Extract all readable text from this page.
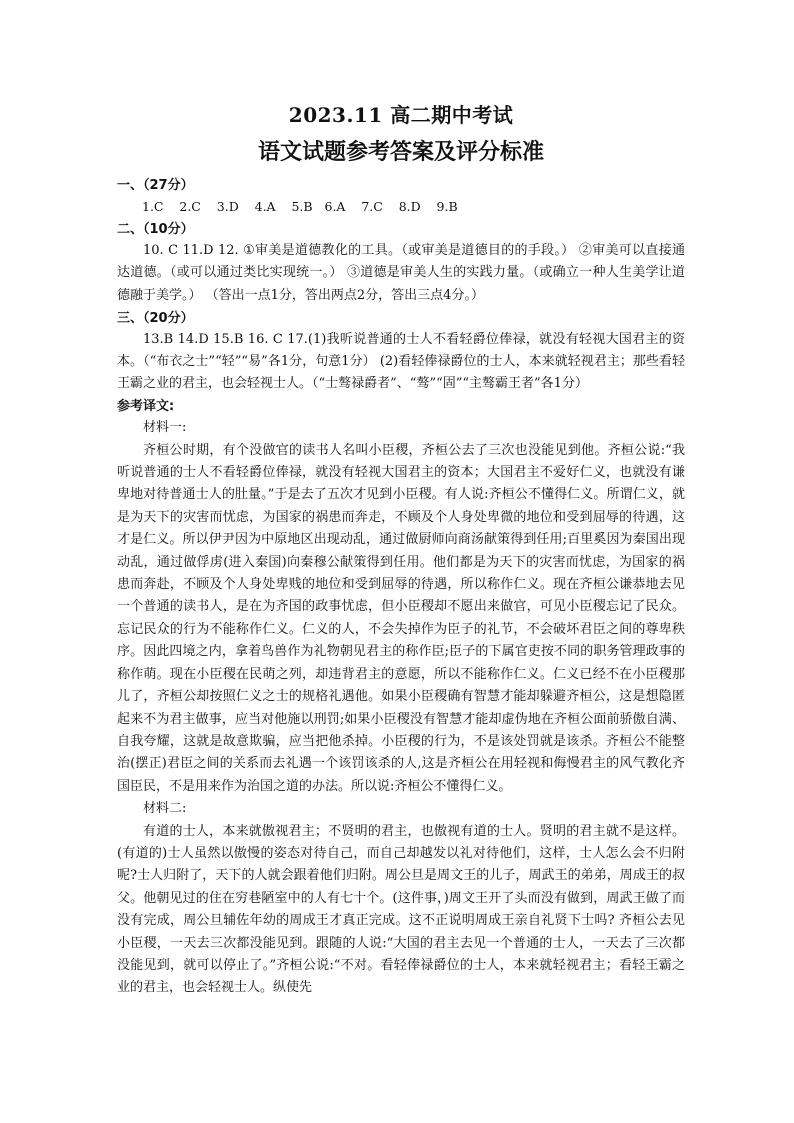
2023.11 高二期中考试
语文试题参考答案及评分标准
一、（27分）
1.C    2.C    3.D    4.A    5.B   6.A    7.C    8.D    9.B
二、（10分）

10. C 11.D 12. ①审美是道德教化的工具。（或审美是道德目的的手段。） ②审美可以直接通达道德。（或可以通过类比实现统一。） ③道德是审美人生的实践力量。（或确立一种人生美学让道德融于美学。） （答出一点1分，答出两点2分，答出三点4分。）

三、（20分）

13.B 14.D 15.B 16. C 17.(1)我听说普通的士人不看轻爵位俸禄，就没有轻视大国君主的资本。（“布衣之士”“轻”“易”各1分，句意1分） (2)看轻俸禄爵位的士人，本来就轻视君主；那些看轻王霸之业的君主，也会轻视士人。（“士骜禄爵者”、“骜”“固”“主骜霸王者”各1分）

参考译文:

材料一:

齐桓公时期，有个没做官的读书人名叫小臣稷，齐桓公去了三次也没能见到他。齐桓公说:“我听说普通的士人不看轻爵位俸禄，就没有轻视大国君主的资本；大国君主不爱好仁义，也就没有谦卑地对待普通士人的肚量。”于是去了五次才见到小臣稷。有人说:齐桓公不懂得仁义。所谓仁义，就是为天下的灾害而忧虑，为国家的祸患而奔走，不顾及个人身处卑微的地位和受到屈辱的待遇，这才是仁义。所以伊尹因为中原地区出现动乱，通过做厨师向商汤献策得到任用;百里奚因为秦国出现动乱，通过做俘虏(进入秦国)向秦穆公献策得到任用。他们都是为天下的灾害而忧虑，为国家的祸患而奔赴，不顾及个人身处卑贱的地位和受到屈辱的待遇，所以称作仁义。现在齐桓公谦恭地去见一个普通的读书人，是在为齐国的政事忧虑，但小臣稷却不愿出来做官，可见小臣稷忘记了民众。忘记民众的行为不能称作仁义。仁义的人，不会失掉作为臣子的礼节，不会破坏君臣之间的尊卑秩序。因此四境之内，拿着鸟兽作为礼物朝见君主的称作臣;臣子的下属官吏按不同的职务管理政事的称作萌。现在小臣稷在民萌之列，却违背君主的意愿，所以不能称作仁义。仁义已经不在小臣稷那儿了，齐桓公却按照仁义之士的规格礼遇他。如果小臣稷确有智慧才能却躲避齐桓公，这是想隐匿起来不为君主做事，应当对他施以刑罚;如果小臣稷没有智慧才能却虚伪地在齐桓公面前骄傲自满、自我夸耀，这就是故意欺骗，应当把他杀掉。小臣稷的行为，不是该处罚就是该杀。齐桓公不能整治(摆正)君臣之间的关系而去礼遇一个该罚该杀的人,这是齐桓公在用轻视和侮慢君主的风气教化齐国臣民，不是用来作为治国之道的办法。所以说:齐桓公不懂得仁义。

材料二:

有道的士人，本来就傲视君主；不贤明的君主，也傲视有道的士人。贤明的君主就不是这样。(有道的)士人虽然以傲慢的姿态对待自己，而自己却越发以礼对待他们，这样，士人怎么会不归附呢?士人归附了，天下的人就会跟着他们归附。周公旦是周文王的儿子，周武王的弟弟，周成王的叔父。他朝见过的住在穷巷陋室中的人有七十个。(这件事，)周文王开了头而没有做到，周武王做了而没有完成，周公旦辅佐年幼的周成王才真正完成。这不正说明周成王亲自礼贤下士吗? 齐桓公去见小臣稷，一天去三次都没能见到。跟随的人说:“大国的君主去见一个普通的士人，一天去了三次都没能见到，就可以停止了。”齐桓公说:“不对。看轻俸禄爵位的士人，本来就轻视君主；看轻王霸之业的君主，也会轻视士人。纵使先
